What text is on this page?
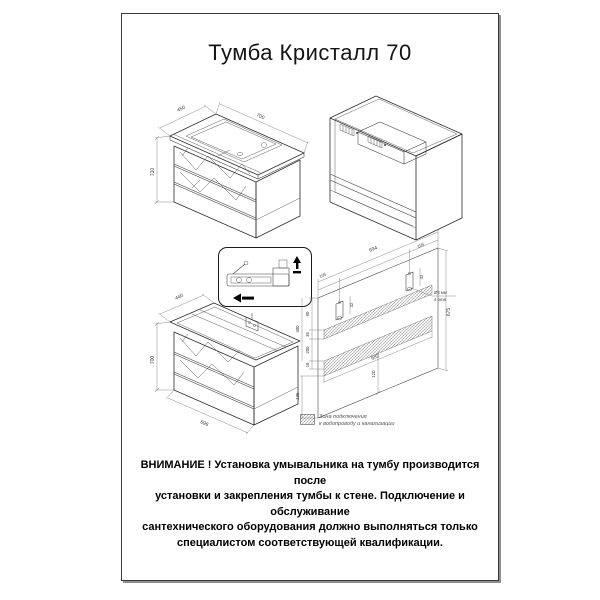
Тумба Кристалл 70
450
700
710
440
700
696
694
105
105
32
32
90
35
200
16
400
135
682
675
120
Ø5 мм
4 отв.
Зона подключения
к водопроводу и канализации
ВНИМАНИЕ ! Установка умывальника на тумбу производится после
установки и закрепления тумбы к стене. Подключение и обслуживание
сантехнического оборудования должно выполняться только
специалистом соответствующей квалификации.
